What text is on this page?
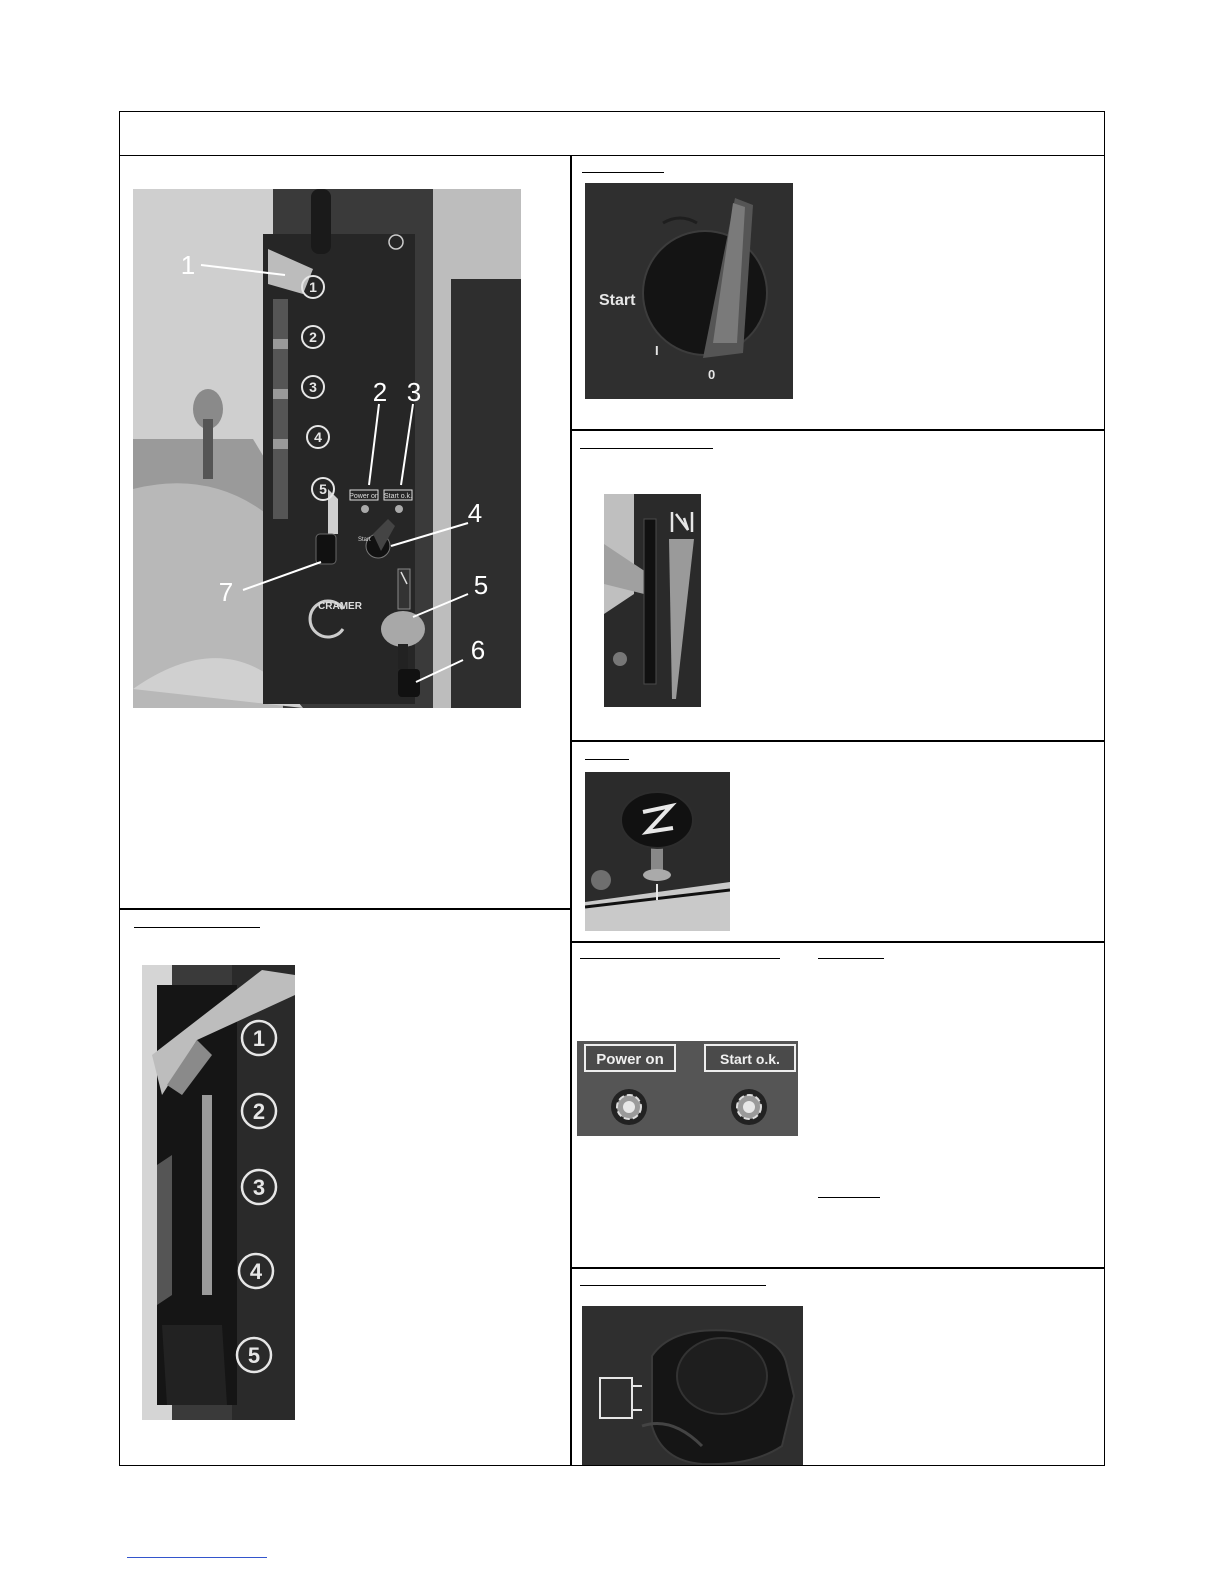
1
2
3
4
5	Power on Start o.k.
Start
CRAMER
1
2 3
4
5
6
7
Start
I
0
Power on	Start o.k.
1
2
3
4
5
